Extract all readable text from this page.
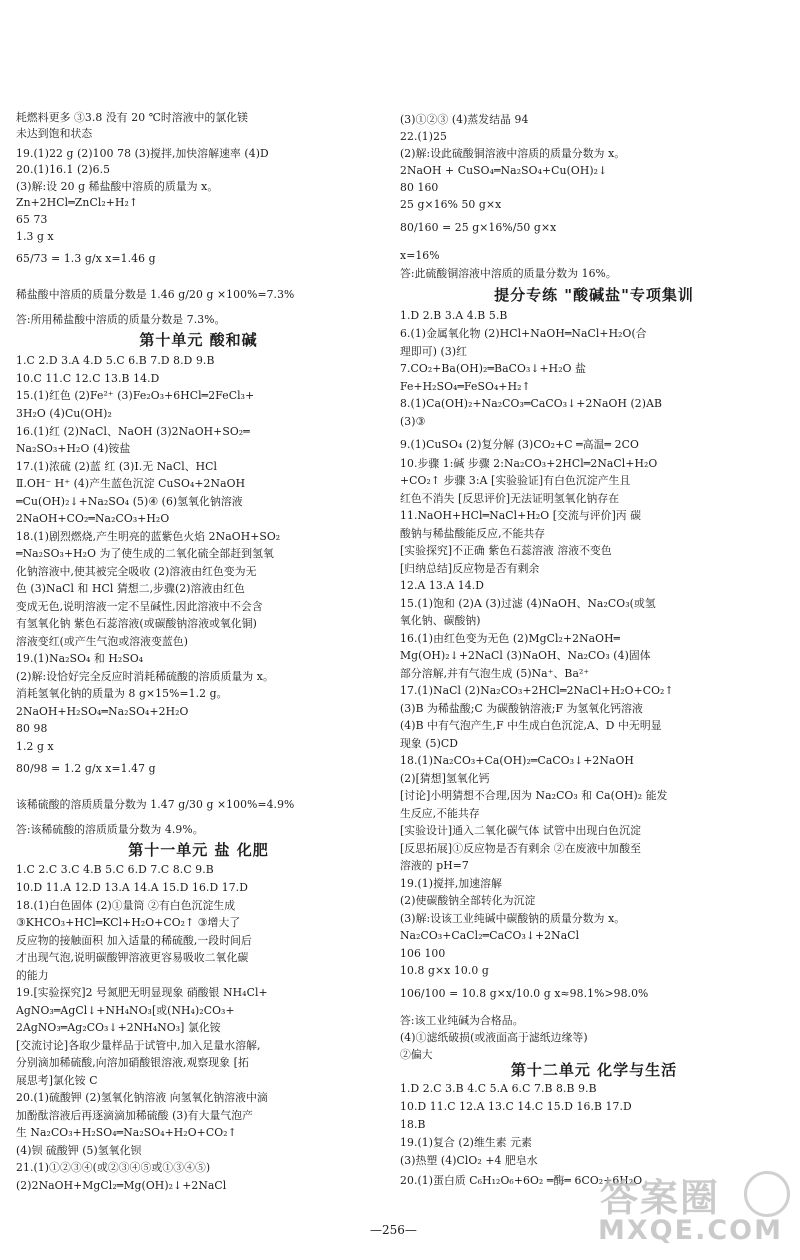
耗燃料更多 ③3.8 没有 20 ℃时溶液中的氯化镁
未达到饱和状态
19.(1)22 g (2)100 78 (3)搅拌,加快溶解速率 (4)D
20.(1)16.1 (2)6.5
(3)解:设 20 g 稀盐酸中溶质的质量为 x。
Zn+2HCl═ZnCl₂+H₂↑
65 73
1.3 g x
65/73 = 1.3 g/x x=1.46 g
稀盐酸中溶质的质量分数是 1.46 g/20 g ×100%=7.3%
答:所用稀盐酸中溶质的质量分数是 7.3%。
第十单元 酸和碱
1.C 2.D 3.A 4.D 5.C 6.B 7.D 8.D 9.B
10.C 11.C 12.C 13.B 14.D
15.(1)红色 (2)Fe²⁺ (3)Fe₂O₃+6HCl═2FeCl₃+
3H₂O (4)Cu(OH)₂
16.(1)红 (2)NaCl、NaOH (3)2NaOH+SO₂═
Na₂SO₃+H₂O (4)铵盐
17.(1)浓硫 (2)蓝 红 (3)Ⅰ.无 NaCl、HCl
Ⅱ.OH⁻ H⁺ (4)产生蓝色沉淀 CuSO₄+2NaOH
═Cu(OH)₂↓+Na₂SO₄ (5)④ (6)氢氧化钠溶液
2NaOH+CO₂═Na₂CO₃+H₂O
18.(1)剧烈燃烧,产生明亮的蓝紫色火焰 2NaOH+SO₂
═Na₂SO₃+H₂O 为了使生成的二氧化硫全部赶到氢氧
化钠溶液中,使其被完全吸收 (2)溶液由红色变为无
色 (3)NaCl 和 HCl 猜想二,步骤(2)溶液由红色
变成无色,说明溶液一定不呈碱性,因此溶液中不会含
有氢氧化钠 紫色石蕊溶液(或碳酸钠溶液或氧化铜)
溶液变红(或产生气泡或溶液变蓝色)
19.(1)Na₂SO₄ 和 H₂SO₄
(2)解:设恰好完全反应时消耗稀硫酸的溶质质量为 x。
消耗氢氧化钠的质量为 8 g×15%=1.2 g。
2NaOH+H₂SO₄═Na₂SO₄+2H₂O
80 98
1.2 g x
80/98 = 1.2 g/x x=1.47 g
该稀硫酸的溶质质量分数为 1.47 g/30 g ×100%=4.9%
答:该稀硫酸的溶质质量分数为 4.9%。
第十一单元 盐 化肥
1.C 2.C 3.C 4.B 5.C 6.D 7.C 8.C 9.B
10.D 11.A 12.D 13.A 14.A 15.D 16.D 17.D
18.(1)白色固体 (2)①量筒 ②有白色沉淀生成
③KHCO₃+HCl═KCl+H₂O+CO₂↑ ③增大了
反应物的接触面积 加入适量的稀硫酸,一段时间后
才出现气泡,说明碳酸钾溶液更容易吸收二氧化碳
的能力
19.[实验探究]2 号氮肥无明显现象 硝酸银 NH₄Cl+
AgNO₃═AgCl↓+NH₄NO₃[或(NH₄)₂CO₃+
2AgNO₃═Ag₂CO₃↓+2NH₄NO₃] 氯化铵
[交流讨论]各取少量样品于试管中,加入足量水溶解,
分别滴加稀硫酸,向溶加硝酸银溶液,观察现象 [拓
展思考]氯化铵 C
20.(1)硫酸钾 (2)氢氧化钠溶液 向氢氧化钠溶液中滴
加酚酞溶液后再逐滴滴加稀硫酸 (3)有大量气泡产
生 Na₂CO₃+H₂SO₄═Na₂SO₄+H₂O+CO₂↑
(4)钡 硫酸钾 (5)氢氧化钡
21.(1)①②③④(或②③④⑤或①③④⑤)
(2)2NaOH+MgCl₂═Mg(OH)₂↓+2NaCl
(3)①②③ (4)蒸发结晶 94
22.(1)25
(2)解:设此硫酸铜溶液中溶质的质量分数为 x。
2NaOH + CuSO₄═Na₂SO₄+Cu(OH)₂↓
80 160
25 g×16% 50 g×x
80/160 = 25 g×16%/50 g×x
x=16%
答:此硫酸铜溶液中溶质的质量分数为 16%。
提分专练 "酸碱盐"专项集训
1.D 2.B 3.A 4.B 5.B
6.(1)金属氧化物 (2)HCl+NaOH═NaCl+H₂O(合
理即可) (3)红
7.CO₂+Ba(OH)₂═BaCO₃↓+H₂O 盐
Fe+H₂SO₄═FeSO₄+H₂↑
8.(1)Ca(OH)₂+Na₂CO₃═CaCO₃↓+2NaOH (2)AB
(3)③
9.(1)CuSO₄ (2)复分解 (3)CO₂+C ═高温═ 2CO
10.步骤 1:碱 步骤 2:Na₂CO₃+2HCl═2NaCl+H₂O
+CO₂↑ 步骤 3:A [实验验证]有白色沉淀产生且
红色不消失 [反思评价]无法证明氢氧化钠存在
11.NaOH+HCl═NaCl+H₂O [交流与评价]丙 碳
酸钠与稀盐酸能反应,不能共存
[实验探究]不正确 紫色石蕊溶液 溶液不变色
[归纳总结]反应物是否有剩余
12.A 13.A 14.D
15.(1)饱和 (2)A (3)过滤 (4)NaOH、Na₂CO₃(或氢
氧化钠、碳酸钠)
16.(1)由红色变为无色 (2)MgCl₂+2NaOH═
Mg(OH)₂↓+2NaCl (3)NaOH、Na₂CO₃ (4)固体
部分溶解,并有气泡生成 (5)Na⁺、Ba²⁺
17.(1)NaCl (2)Na₂CO₃+2HCl═2NaCl+H₂O+CO₂↑
(3)B 为稀盐酸;C 为碳酸钠溶液;F 为氢氧化钙溶液
(4)B 中有气泡产生,F 中生成白色沉淀,A、D 中无明显
现象 (5)CD
18.(1)Na₂CO₃+Ca(OH)₂═CaCO₃↓+2NaOH
(2)[猜想]氢氧化钙
[讨论]小明猜想不合理,因为 Na₂CO₃ 和 Ca(OH)₂ 能发
生反应,不能共存
[实验设计]通入二氧化碳气体 试管中出现白色沉淀
[反思拓展]①反应物是否有剩余 ②在废液中加酸至
溶液的 pH=7
19.(1)搅拌,加速溶解
(2)使碳酸钠全部转化为沉淀
(3)解:设该工业纯碱中碳酸钠的质量分数为 x。
Na₂CO₃+CaCl₂═CaCO₃↓+2NaCl
106 100
10.8 g×x 10.0 g
106/100 = 10.8 g×x/10.0 g x≈98.1%>98.0%
答:该工业纯碱为合格品。
(4)①滤纸破损(或液面高于滤纸边缘等)
②偏大
第十二单元 化学与生活
1.D 2.C 3.B 4.C 5.A 6.C 7.B 8.B 9.B
10.D 11.C 12.A 13.C 14.C 15.D 16.B 17.D
18.B
19.(1)复合 (2)维生素 元素
(3)热塑 (4)ClO₂ +4 肥皂水
20.(1)蛋白质 C₆H₁₂O₆+6O₂ ═酶═ 6CO₂+6H₂O
—256—
答案圈
MXQE.COM
